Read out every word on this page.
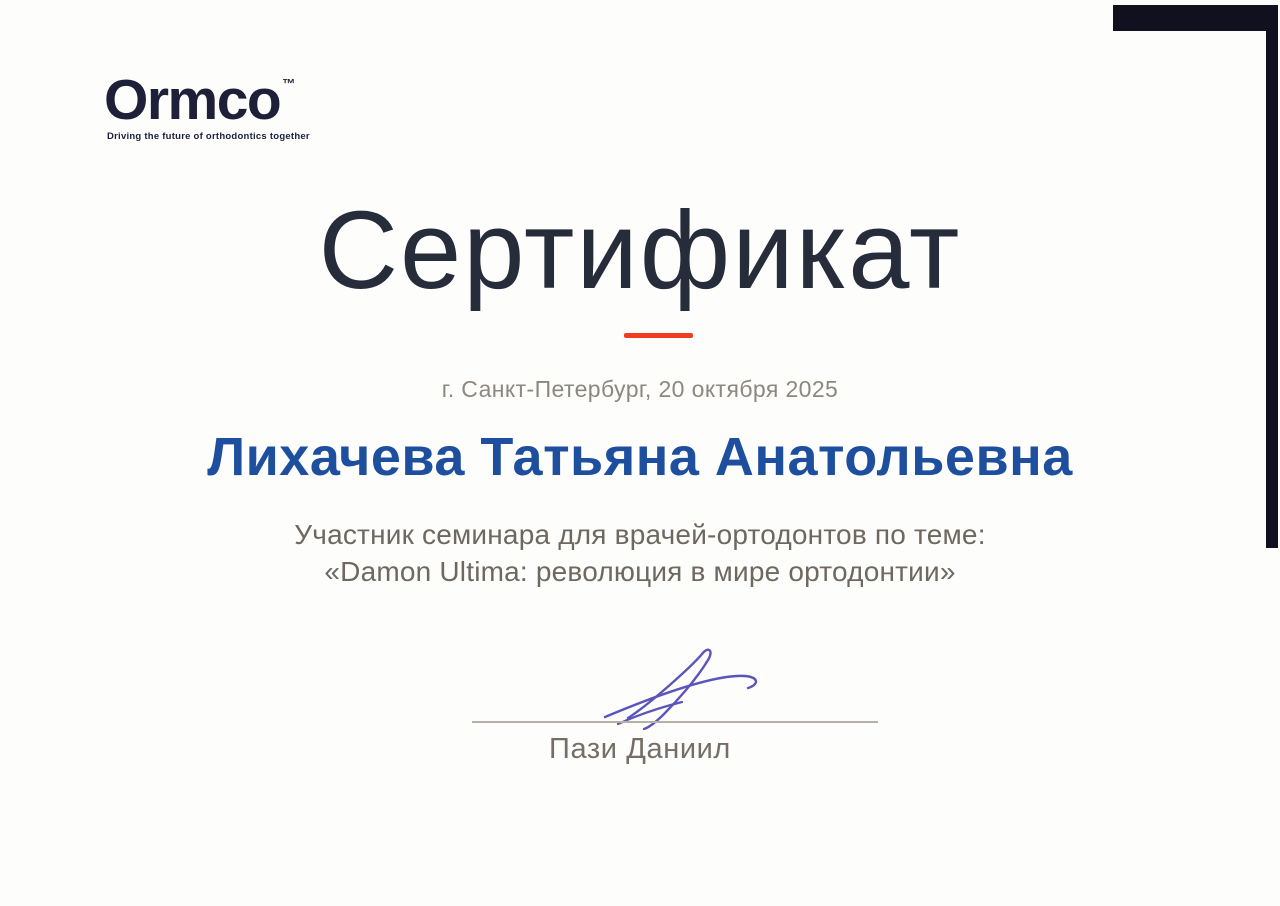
Ormco ™
Driving the future of orthodontics together
Сертификат
г. Санкт-Петербург, 20 октября 2025
Лихачева Татьяна Анатольевна
Участник семинара для врачей-ортодонтов по теме:
«Damon Ultima: революция в мире ортодонтии»
Пази Даниил
